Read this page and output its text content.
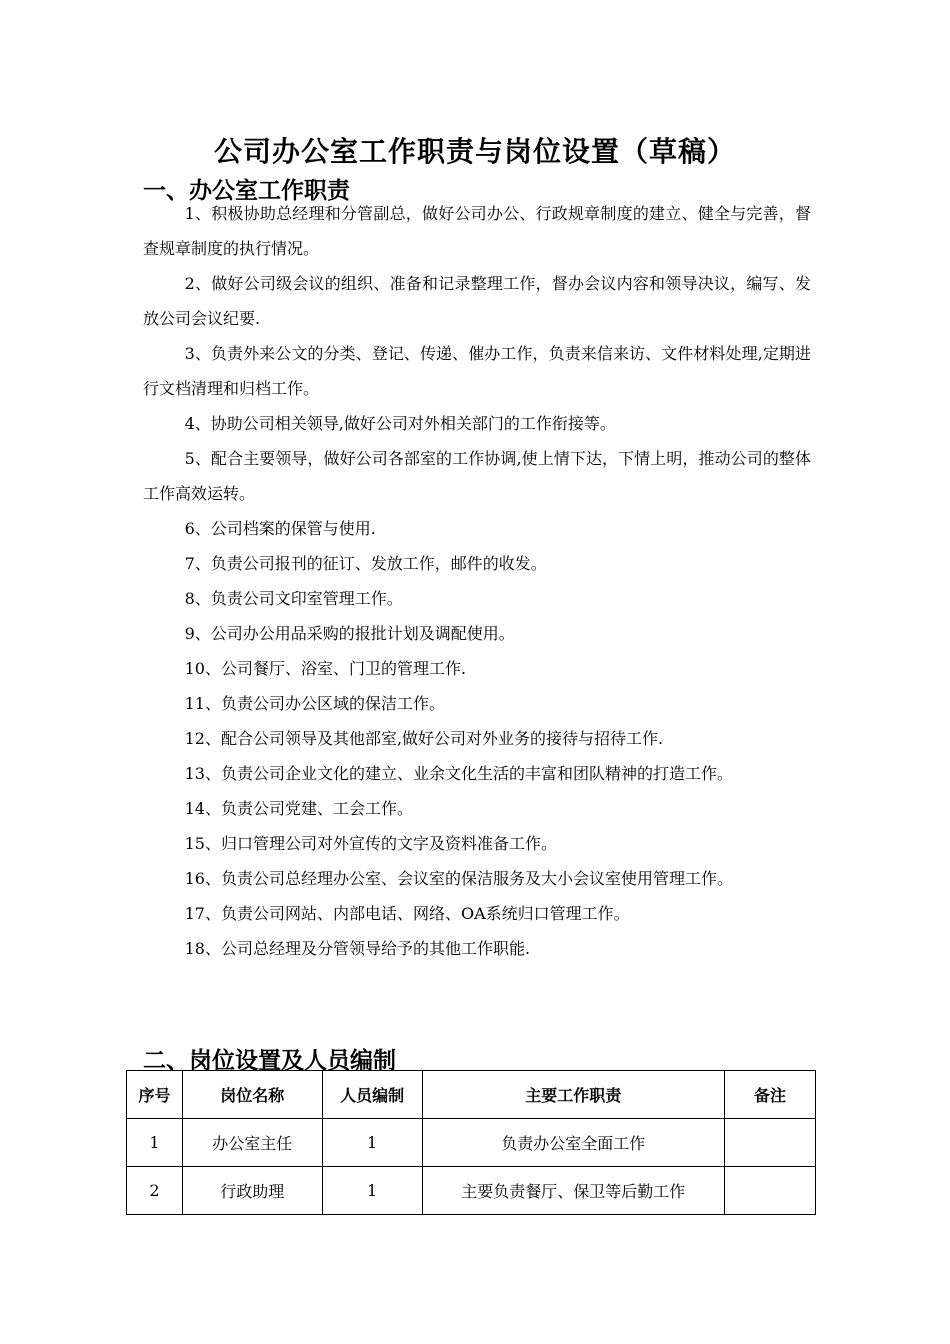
公司办公室工作职责与岗位设置（草稿）
一、办公室工作职责

1、积极协助总经理和分管副总，做好公司办公、行政规章制度的建立、健全与完善，督查规章制度的执行情况。

2、做好公司级会议的组织、准备和记录整理工作，督办会议内容和领导决议，编写、发放公司会议纪要.

3、负责外来公文的分类、登记、传递、催办工作，负责来信来访、文件材料处理,定期进行文档清理和归档工作。

4、协助公司相关领导,做好公司对外相关部门的工作衔接等。

5、配合主要领导，做好公司各部室的工作协调,使上情下达，下情上明，推动公司的整体工作高效运转。

6、公司档案的保管与使用.

7、负责公司报刊的征订、发放工作，邮件的收发。

8、负责公司文印室管理工作。

9、公司办公用品采购的报批计划及调配使用。

10、公司餐厅、浴室、门卫的管理工作.

11、负责公司办公区域的保洁工作。

12、配合公司领导及其他部室,做好公司对外业务的接待与招待工作.

13、负责公司企业文化的建立、业余文化生活的丰富和团队精神的打造工作。

14、负责公司党建、工会工作。

15、归口管理公司对外宣传的文字及资料准备工作。

16、负责公司总经理办公室、会议室的保洁服务及大小会议室使用管理工作。

17、负责公司网站、内部电话、网络、OA系统归口管理工作。

18、公司总经理及分管领导给予的其他工作职能.

二、岗位设置及人员编制
序号	岗位名称	人员编制	主要工作职责	备注
1	办公室主任	1	负责办公室全面工作	
2	行政助理	1	主要负责餐厅、保卫等后勤工作	
